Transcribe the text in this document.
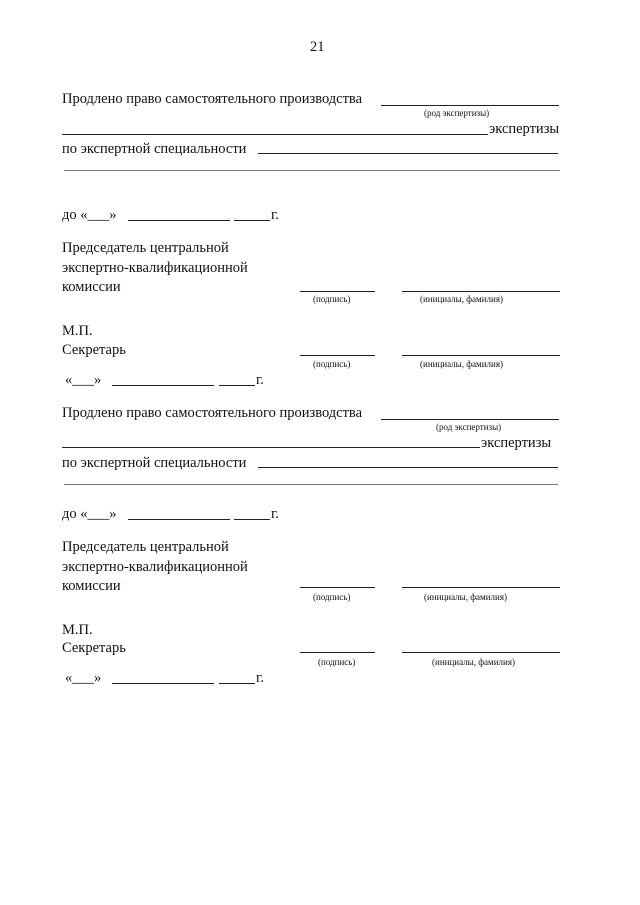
21
Продлено право самостоятельного производства
(род экспертизы)
экспертизы
по экспертной специальности
до «___»	г.
Председатель центральной
экспертно-квалификационной
комиссии
(подпись)	(инициалы, фамилия)
М.П.
Секретарь
(подпись)	(инициалы, фамилия)
«___»	г.
Продлено право самостоятельного производства
(род экспертизы)
экспертизы
по экспертной специальности
до «___»	г.
Председатель центральной
экспертно-квалификационной
комиссии
(подпись)	(инициалы, фамилия)
М.П.
Секретарь
(подпись)	(инициалы, фамилия)
«___»	г.
